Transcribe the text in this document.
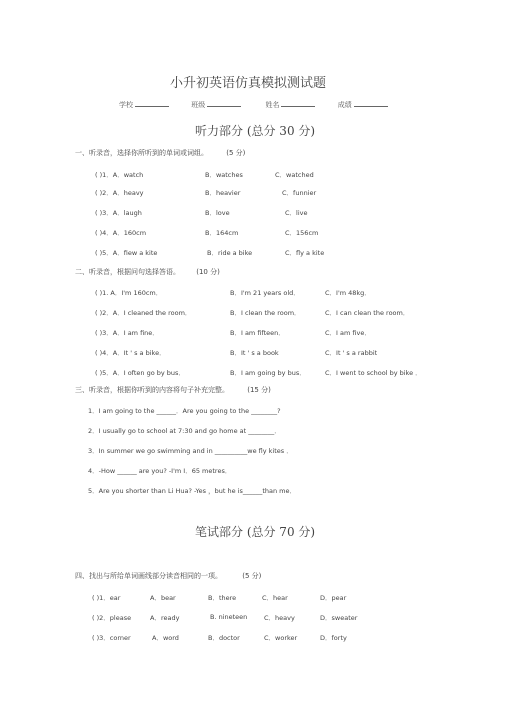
小升初英语仿真模拟测试题
学校	班级	姓名	成绩
听力部分 (总分 30 分)
一、听录音，选择你所听到的单词或词组。	(5 分)
( )1．A．watch	B．watches	C．watched
( )2．A．heavy	B．heavier	C．funnier
( )3．A．laugh	B．love	C．live
( )4．A．160cm	B．164cm	C．156cm
( )5．A．fiew a kite	B．ride a bike	C．fly a kite
二、听录音，根据问句选择答语。 (10 分)
( )1. A．I'm 160cm．	B．I'm 21 years old．	C．I'm 48kg．
( )2．A．I cleaned the room．	B．I clean the room．	C．I can clean the room．
( )3．A．I am fine．	B．I am fifteen．	C．I am five．
( )4．A．It ' s a bike．	B．It ' s a book	C．It ' s a rabbit
( )5．A．I often go by bus．	B．I am going by bus．	C．I went to school by bike ．
三、听录音，根据你听到的内容将句子补充完整。	(15 分)
1．I am going to the ______．Are you going to the ________?
2．I usually go to school at 7:30 and go home at ________．
3．In summer we go swimming and in __________we fly kites ．
4．-How ______ are you? -I'm I．65 metres．
5．Are you shorter than Li Hua? -Yes ，but he is______than me．
笔试部分 (总分 70 分)
四、找出与所给单词画线部分读音相同的一项。	(5 分)
( )1．ear	A．bear	B．there	C．hear	D．pear
( )2．please	A．ready	B. nineteen	C．heavy	D．sweater
( )3．corner	A．word	B．doctor	C．worker	D．forty
